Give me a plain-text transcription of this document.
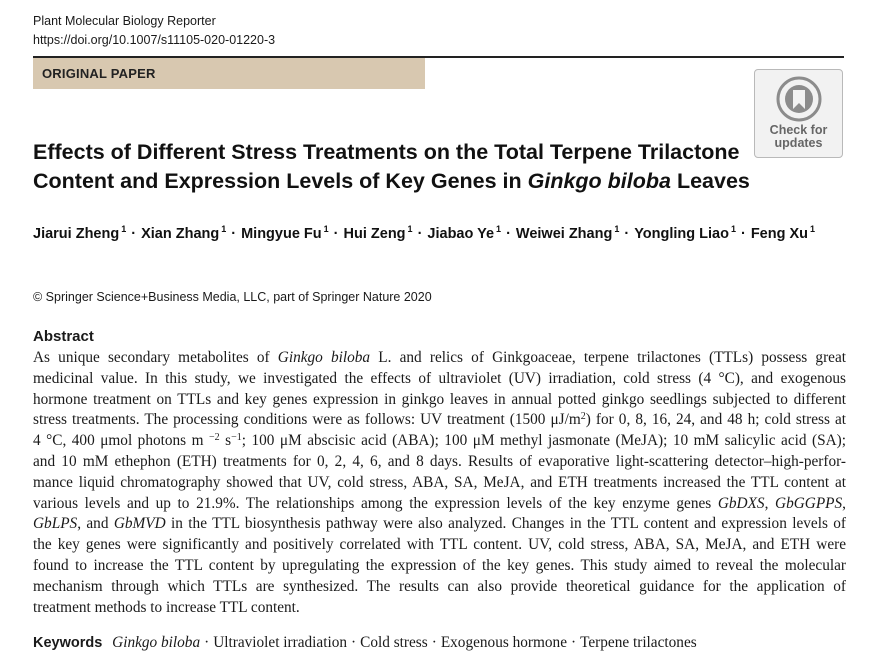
Plant Molecular Biology Reporter
https://doi.org/10.1007/s11105-020-01220-3
ORIGINAL PAPER
Check for
updates
Effects of Different Stress Treatments on the Total Terpene Trilactone
Content and Expression Levels of Key Genes in Ginkgo biloba Leaves
Jiarui Zheng $^1$ · Xian Zhang $^1$ · Mingyue Fu $^1$ · Hui Zeng $^1$ · Jiabao Ye $^1$ · Weiwei Zhang $^1$ · Yongling Liao $^1$ · Feng Xu $^1$
© Springer Science+Business Media, LLC, part of Springer Nature 2020
Abstract
As unique secondary metabolites of Ginkgo biloba L. and relics of Ginkgoaceae, terpene trilactones (TTLs) possess great
medicinal value. In this study, we investigated the effects of ultraviolet (UV) irradiation, cold stress (4 °C), and exogenous
hormone treatment on TTLs and key genes expression in ginkgo leaves in annual potted ginkgo seedlings subjected to different
stress treatments. The processing conditions were as follows: UV treatment (1500 $\mu J/m^2$) for 0, 8, 16, 24, and 48 h; cold stress at
4 °C, 400 μmol photons m $^{-2}$ $s^{-1}$; 100 μM abscisic acid (ABA); 100 μM methyl jasmonate (MeJA); 10 mM salicylic acid (SA);
and 10 mM ethephon (ETH) treatments for 0, 2, 4, 6, and 8 days. Results of evaporative light-scattering detector–high-perfor-
mance liquid chromatography showed that UV, cold stress, ABA, SA, MeJA, and ETH treatments increased the TTL content at
various levels and up to 21.9%. The relationships among the expression levels of the key enzyme genes GbDXS, GbGGPPS,
GbLPS, and GbMVD in the TTL biosynthesis pathway were also analyzed. Changes in the TTL content and expression levels of
the key genes were significantly and positively correlated with TTL content. UV, cold stress, ABA, SA, MeJA, and ETH were
found to increase the TTL content by upregulating the expression of the key genes. This study aimed to reveal the molecular
mechanism through which TTLs are synthesized. The results can also provide theoretical guidance for the application of
treatment methods to increase TTL content.
Keywords Ginkgo biloba · Ultraviolet irradiation · Cold stress · Exogenous hormone · Terpene trilactones
